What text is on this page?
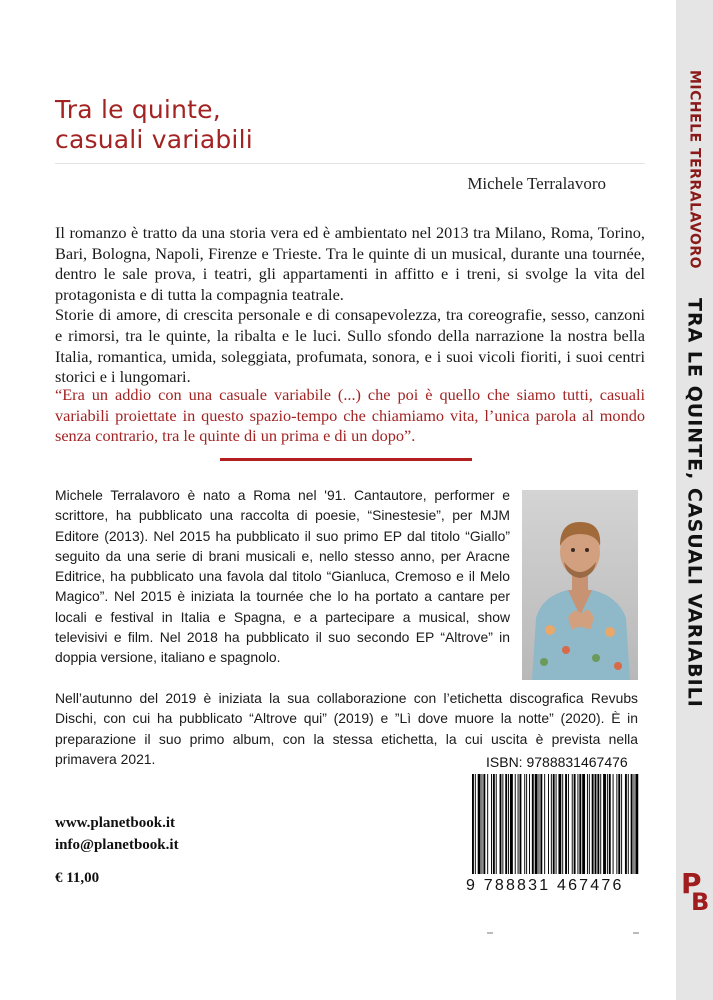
Tra le quinte,
casuali variabili
Michele Terralavoro

Il romanzo è tratto da una storia vera ed è ambientato nel 2013 tra Milano, Roma, Torino, Bari, Bologna, Napoli, Firenze e Trieste. Tra le quinte di un musical, durante una tournée, dentro le sale prova, i teatri, gli appartamenti in affitto e i treni, si svolge la vita del protagonista e di tutta la compagnia teatrale.

Storie di amore, di crescita personale e di consapevolezza, tra coreografie, sesso, canzoni e rimorsi, tra le quinte, la ribalta e le luci. Sullo sfondo della narrazione la nostra bella Italia, romantica, umida, soleggiata, profumata, sonora, e i suoi vicoli fioriti, i suoi centri storici e i lungomari.

“Era un addio con una casuale variabile (...) che poi è quello che siamo tutti, casuali variabili proiettate in questo spazio-tempo che chiamiamo vita, l’unica parola al mondo senza contrario, tra le quinte di un prima e di un dopo”.
Michele Terralavoro è nato a Roma nel '91. Cantautore, performer e scrittore, ha pubblicato una raccolta di poesie, “Sinestesie”, per MJM Editore (2013). Nel 2015 ha pubblicato il suo primo EP dal titolo “Giallo” seguito da una serie di brani musicali e, nello stesso anno, per Aracne Editrice, ha pubblicato una favola dal titolo “Gianluca, Cremoso e il Melo Magico”. Nel 2015 è iniziata la tournée che lo ha portato a cantare per locali e festival in Italia e Spagna, e a partecipare a musical, show televisivi e film. Nel 2018 ha pubblicato il suo secondo EP “Altrove” in doppia versione, italiano e spagnolo.
Nell’autunno del 2019 è iniziata la sua collaborazione con l’etichetta discografica Revubs Dischi, con cui ha pubblicato “Altrove qui” (2019) e ”Lì dove muore la notte” (2020). È in preparazione il suo primo album, con la stessa etichetta, la cui uscita è prevista nella primavera 2021.	ISBN: 9788831467476
9 788831 467476
www.planetbook.it
info@planetbook.it
€ 11,00
MICHELE TERRALAVORO
TRA LE QUINTE, CASUALI VARIABILI
P
B
